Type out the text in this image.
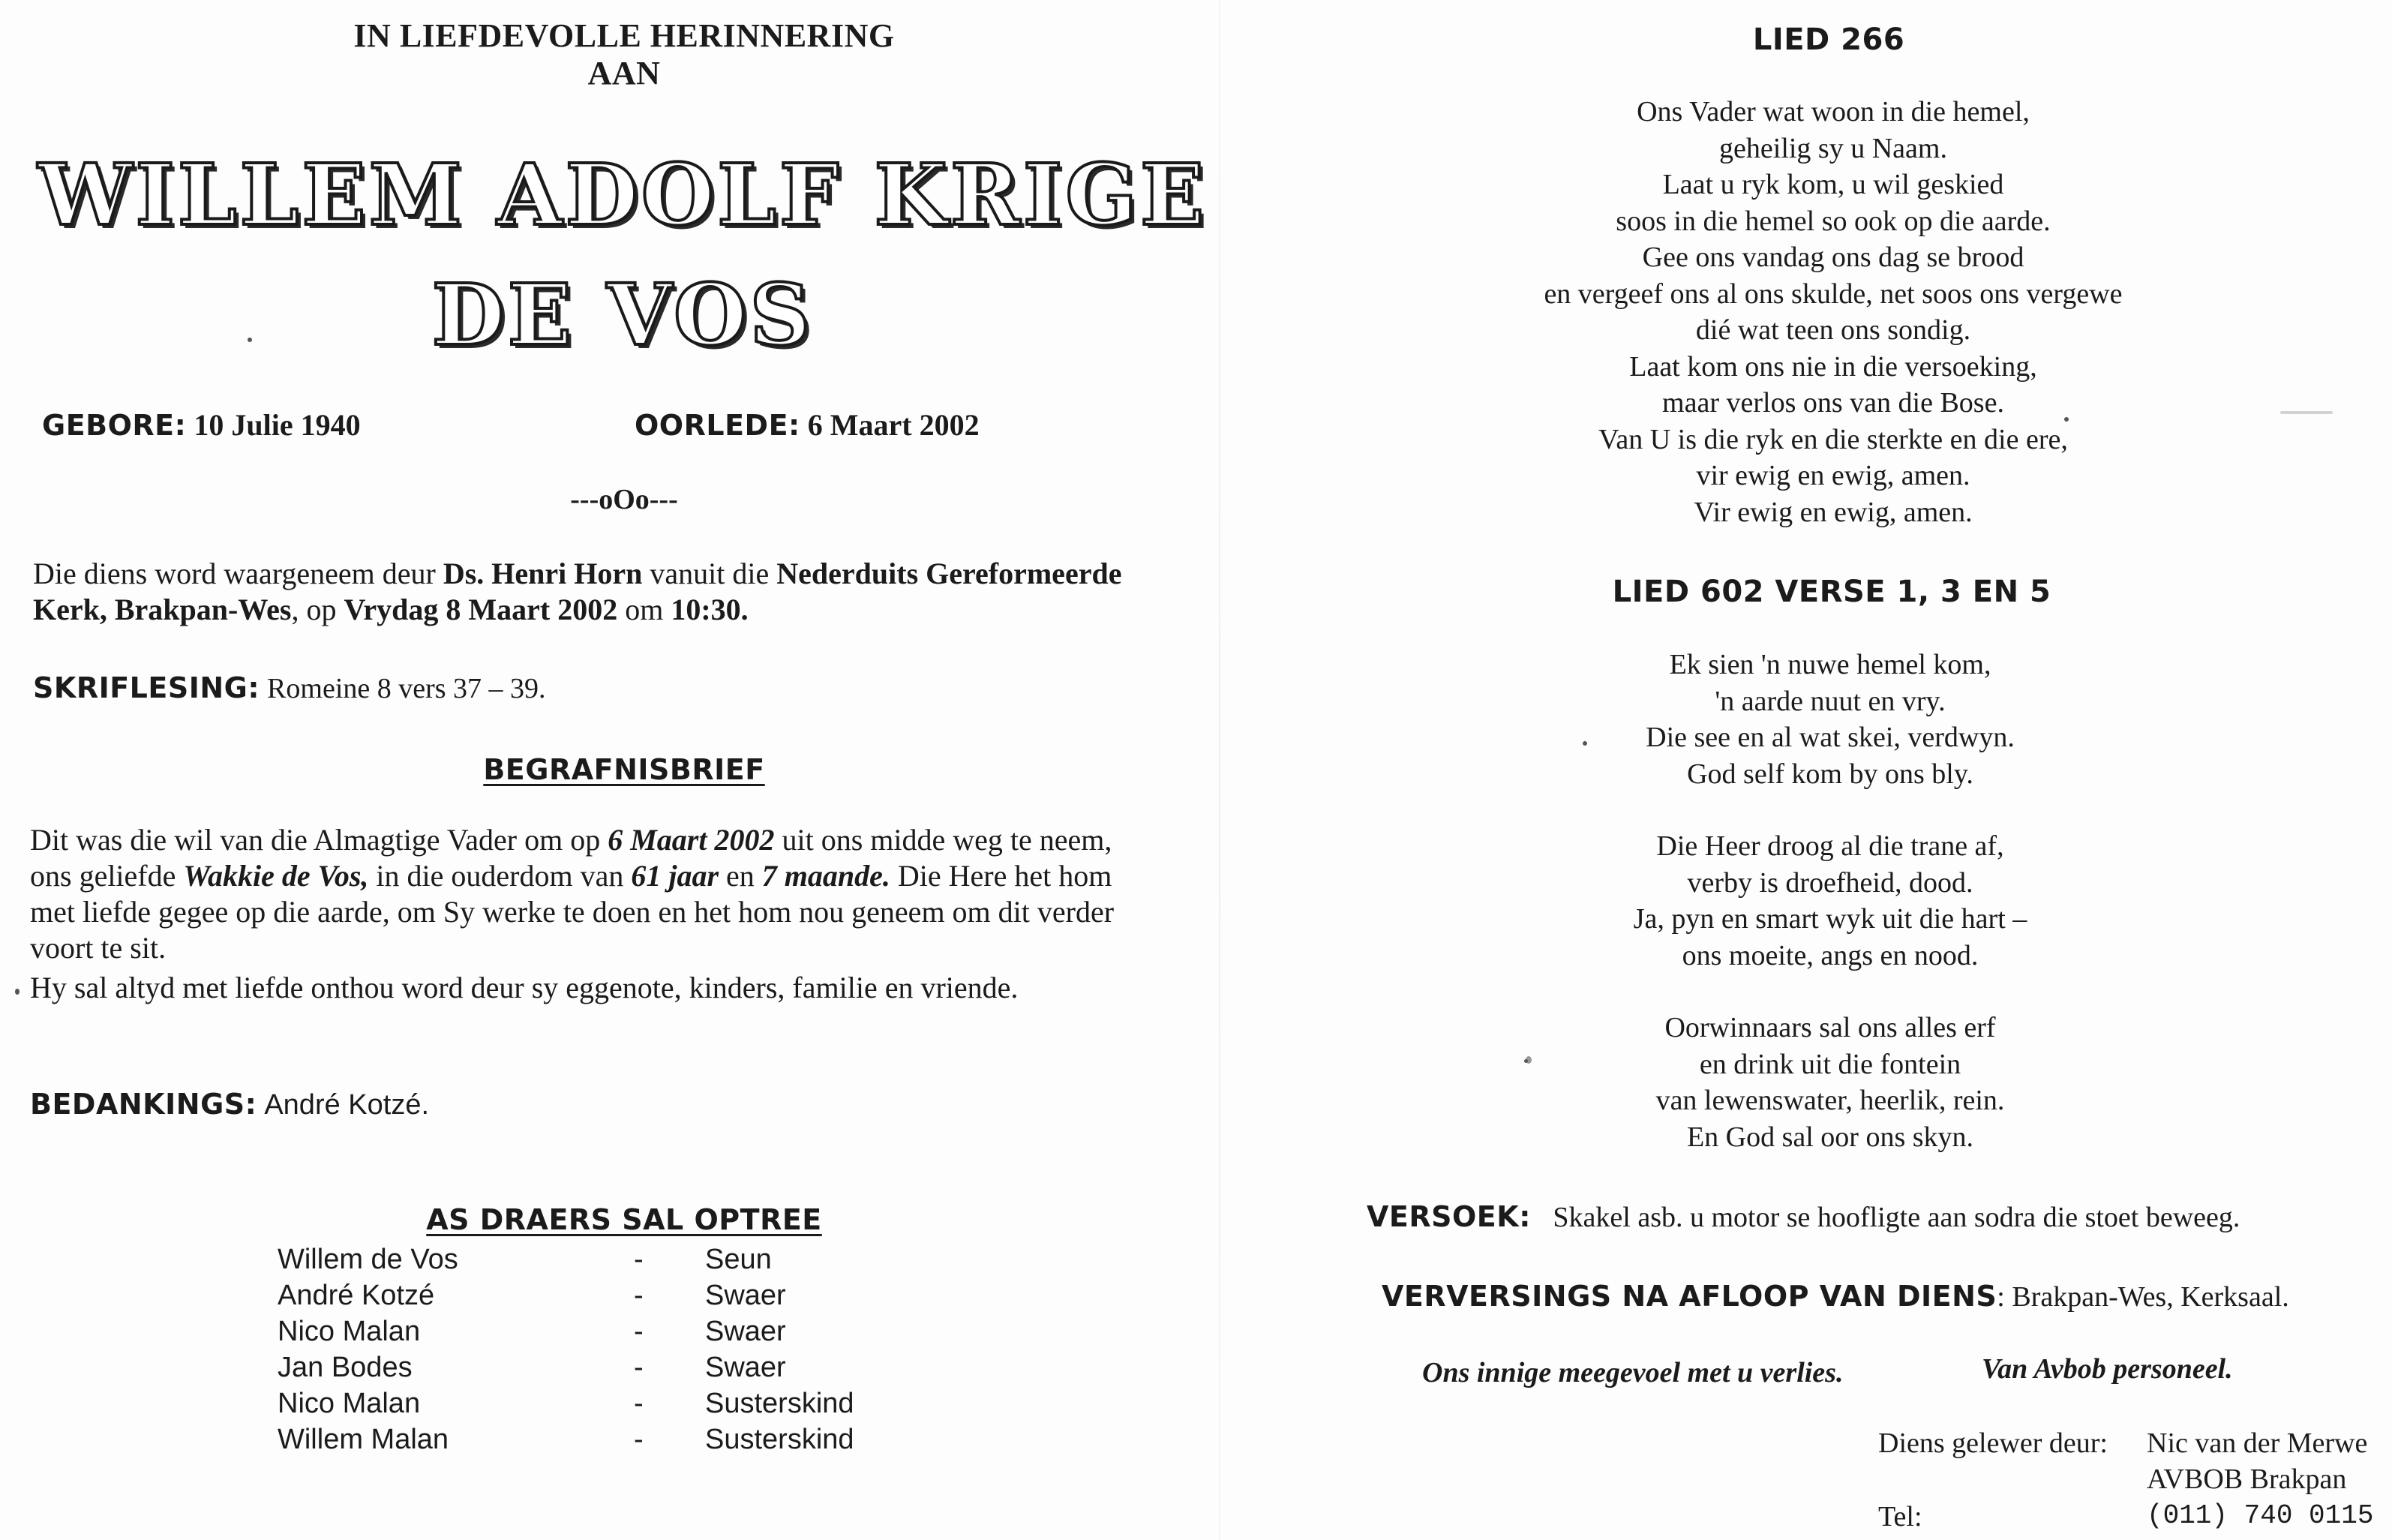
IN LIEFDEVOLLE HERINNERING
AAN
WILLEM ADOLF KRIGE
DE VOS
GEBORE: 10 Julie 1940	OORLEDE: 6 Maart 2002
---oOo---
Die diens word waargeneem deur Ds. Henri Horn vanuit die Nederduits Gereformeerde
Kerk, Brakpan-Wes, op Vrydag 8 Maart 2002 om 10:30.
SKRIFLESING: Romeine 8 vers 37 – 39.
BEGRAFNISBRIEF
Dit was die wil van die Almagtige Vader om op 6 Maart 2002 uit ons midde weg te neem,
ons geliefde Wakkie de Vos, in die ouderdom van 61 jaar en 7 maande. Die Here het hom
met liefde gegee op die aarde, om Sy werke te doen en het hom nou geneem om dit verder
voort te sit.
Hy sal altyd met liefde onthou word deur sy eggenote, kinders, familie en vriende.
BEDANKINGS: André Kotzé.
AS DRAERS SAL OPTREE
Willem de Vos	- Seun
André Kotzé	- Swaer
Nico Malan	- Swaer
Jan Bodes	- Swaer
Nico Malan	- Susterskind
Willem Malan	- Susterskind
LIED 266

Ons Vader wat woon in die hemel,

geheilig sy u Naam.

Laat u ryk kom, u wil geskied

soos in die hemel so ook op die aarde.

Gee ons vandag ons dag se brood

en vergeef ons al ons skulde, net soos ons vergewe

dié wat teen ons sondig.

Laat kom ons nie in die versoeking,

maar verlos ons van die Bose.

Van U is die ryk en die sterkte en die ere,

vir ewig en ewig, amen.

Vir ewig en ewig, amen.

LIED 602 VERSE 1, 3 EN 5

Ek sien 'n nuwe hemel kom,

'n aarde nuut en vry.

Die see en al wat skei, verdwyn.

God self kom by ons bly.

Die Heer droog al die trane af,

verby is droefheid, dood.

Ja, pyn en smart wyk uit die hart –

ons moeite, angs en nood.

Oorwinnaars sal ons alles erf

en drink uit die fontein

van lewenswater, heerlik, rein.

En God sal oor ons skyn.

VERSOEK: Skakel asb. u motor se hoofligte aan sodra die stoet beweeg.
VERVERSINGS NA AFLOOP VAN DIENS: Brakpan-Wes, Kerksaal.
Ons innige meegevoel met u verlies.	Van Avbob personeel.
Diens gelewer deur: Nic van der Merwe
AVBOB Brakpan
Tel:	(011) 740 0115
